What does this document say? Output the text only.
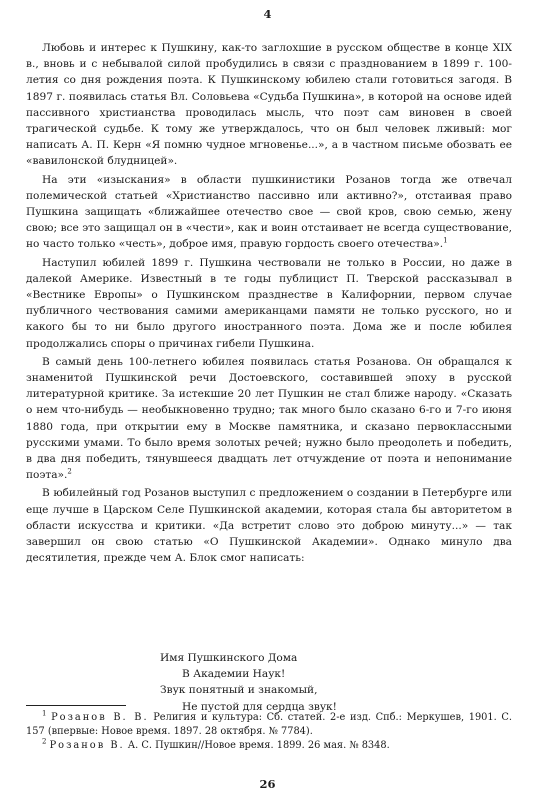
4

Любовь и интерес к Пушкину, как-то заглохшие в русском обществе в конце XIX в., вновь и с небывалой силой пробудились в связи с празднованием в 1899 г. 100-летия со дня рождения поэта. К Пушкинскому юбилею стали готовиться загодя. В 1897 г. появилась статья Вл. Соловьева «Судьба Пушкина», в которой на основе идей пассивного христианства проводилась мысль, что поэт сам виновен в своей трагической судьбе. К тому же утверждалось, что он был человек лживый: мог написать А. П. Керн «Я помню чудное мгновенье...», а в частном письме обозвать ее «вавилонской блудницей».

На эти «изыскания» в области пушкинистики Розанов тогда же отвечал полемической статьей «Христианство пассивно или активно?», отстаивая право Пушкина защищать «ближайшее отечество свое — свой кров, свою семью, жену свою; все это защищал он в «чести», как и воин отстаивает не всегда существование, но часто только «честь», доброе имя, правую гордость своего отечества».$^1$

Наступил юбилей 1899 г. Пушкина чествовали не только в России, но даже в далекой Америке. Известный в те годы публицист П. Тверской рассказывал в «Вестнике Европы» о Пушкинском празднестве в Калифорнии, первом случае публичного чествования самими американцами памяти не только русского, но и какого бы то ни было другого иностранного поэта. Дома же и после юбилея продолжались споры о причинах гибели Пушкина.

В самый день 100-летнего юбилея появилась статья Розанова. Он обращался к знаменитой Пушкинской речи Достоевского, составившей эпоху в русской литературной критике. За истекшие 20 лет Пушкин не стал ближе народу. «Сказать о нем что-нибудь — необыкновенно трудно; так много было сказано 6-го и 7-го июня 1880 года, при открытии ему в Москве памятника, и сказано первоклассными русскими умами. То было время золотых речей; нужно было преодолеть и победить, в два дня победить, тянувшееся двадцать лет отчуждение от поэта и непонимание поэта».$^2$

В юбилейный год Розанов выступил с предложением о создании в Петербурге или еще лучше в Царском Селе Пушкинской академии, которая стала бы авторитетом в области искусства и критики. «Да встретит слово это доброю минуту...» — так завершил он свою статью «О Пушкинской Академии». Однако минуло два десятилетия, прежде чем А. Блок смог написать:

Имя Пушкинского Дома
В Академии Наук!
Звук понятный и знакомый,
Не пустой для сердца звук!

$^1$ Розанов В. В. Религия и культура: Сб. статей. 2-е изд. Спб.: Меркушев, 1901. С. 157 (впервые: Новое время. 1897. 28 октября. № 7784).

$^2$ Розанов В. А. С. Пушкин//Новое время. 1899. 26 мая. № 8348.

26
